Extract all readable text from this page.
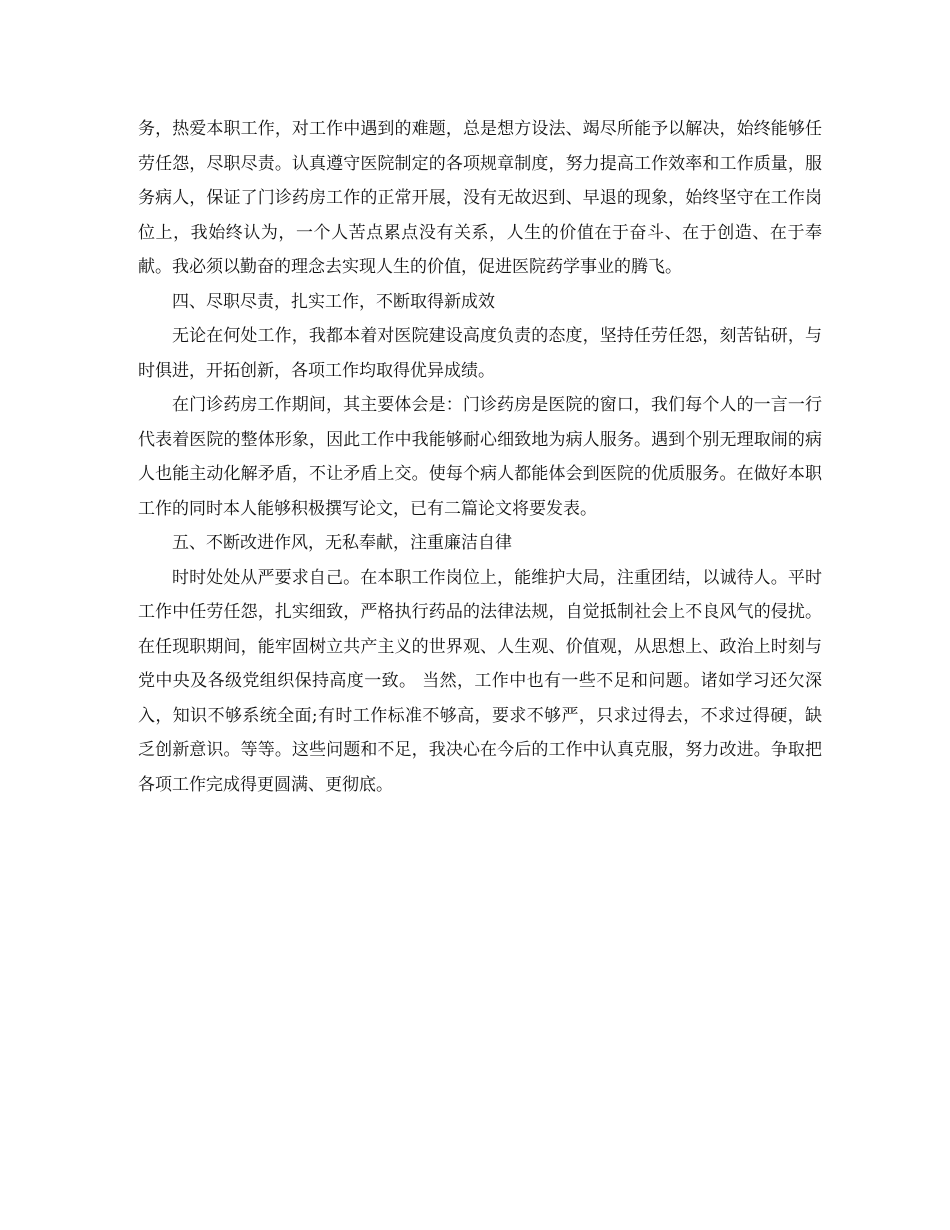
务，热爱本职工作，对工作中遇到的难题，总是想方设法、竭尽所能予以解决，始终能够任劳任怨，尽职尽责。认真遵守医院制定的各项规章制度，努力提高工作效率和工作质量，服务病人，保证了门诊药房工作的正常开展，没有无故迟到、早退的现象，始终坚守在工作岗位上，我始终认为，一个人苦点累点没有关系，人生的价值在于奋斗、在于创造、在于奉献。我必须以勤奋的理念去实现人生的价值，促进医院药学事业的腾飞。

四、尽职尽责，扎实工作，不断取得新成效

无论在何处工作，我都本着对医院建设高度负责的态度，坚持任劳任怨，刻苦钻研，与时俱进，开拓创新，各项工作均取得优异成绩。

在门诊药房工作期间，其主要体会是：门诊药房是医院的窗口，我们每个人的一言一行代表着医院的整体形象，因此工作中我能够耐心细致地为病人服务。遇到个别无理取闹的病人也能主动化解矛盾，不让矛盾上交。使每个病人都能体会到医院的优质服务。在做好本职工作的同时本人能够积极撰写论文，已有二篇论文将要发表。

五、不断改进作风，无私奉献，注重廉洁自律

时时处处从严要求自己。在本职工作岗位上，能维护大局，注重团结，以诚待人。平时工作中任劳任怨，扎实细致，严格执行药品的法律法规，自觉抵制社会上不良风气的侵扰。在任现职期间，能牢固树立共产主义的世界观、人生观、价值观，从思想上、政治上时刻与党中央及各级党组织保持高度一致。 当然，工作中也有一些不足和问题。诸如学习还欠深入，知识不够系统全面;有时工作标准不够高，要求不够严，只求过得去，不求过得硬，缺乏创新意识。等等。这些问题和不足，我决心在今后的工作中认真克服，努力改进。争取把各项工作完成得更圆满、更彻底。
